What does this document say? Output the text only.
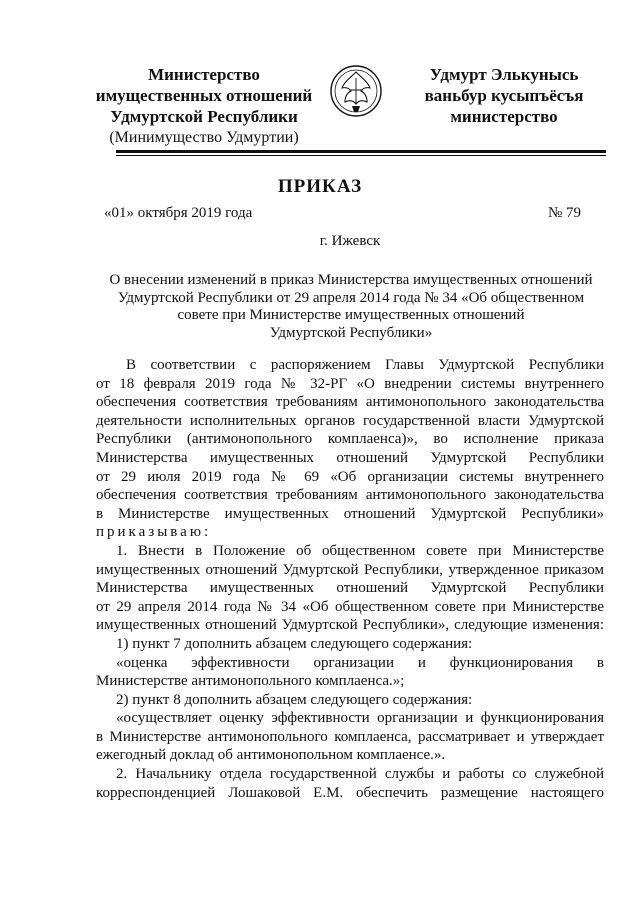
Министерство
имущественных отношений
Удмуртской Республики
(Минимущество Удмуртии)
Удмурт Элькунысь
ваньбур кусыпъёсъя
министерство
ПРИКАЗ
«01» октября 2019 года	№ 79
г. Ижевск
О внесении изменений в приказ Министерства имущественных отношений
Удмуртской Республики от 29 апреля 2014 года № 34 «Об общественном
совете при Министерстве имущественных отношений
Удмуртской Республики»

В соответствии с распоряжением Главы Удмуртской Республики

от 18 февраля 2019 года № 32-РГ «О внедрении системы внутреннего

обеспечения соответствия требованиям антимонопольного законодательства

деятельности исполнительных органов государственной власти Удмуртской

Республики (антимонопольного комплаенса)», во исполнение приказа

Министерства имущественных отношений Удмуртской Республики

от 29 июля 2019 года № 69 «Об организации системы внутреннего

обеспечения соответствия требованиям антимонопольного законодательства

в Министерстве имущественных отношений Удмуртской Республики»

приказываю:

1. Внести в Положение об общественном совете при Министерстве

имущественных отношений Удмуртской Республики, утвержденное приказом

Министерства имущественных отношений Удмуртской Республики

от 29 апреля 2014 года № 34 «Об общественном совете при Министерстве

имущественных отношений Удмуртской Республики», следующие изменения:

1) пункт 7 дополнить абзацем следующего содержания:

«оценка эффективности организации и функционирования в

Министерстве антимонопольного комплаенса.»;

2) пункт 8 дополнить абзацем следующего содержания:

«осуществляет оценку эффективности организации и функционирования

в Министерстве антимонопольного комплаенса, рассматривает и утверждает

ежегодный доклад об антимонопольном комплаенсе.».

2. Начальнику отдела государственной службы и работы со служебной

корреспонденцией Лошаковой Е.М. обеспечить размещение настоящего
